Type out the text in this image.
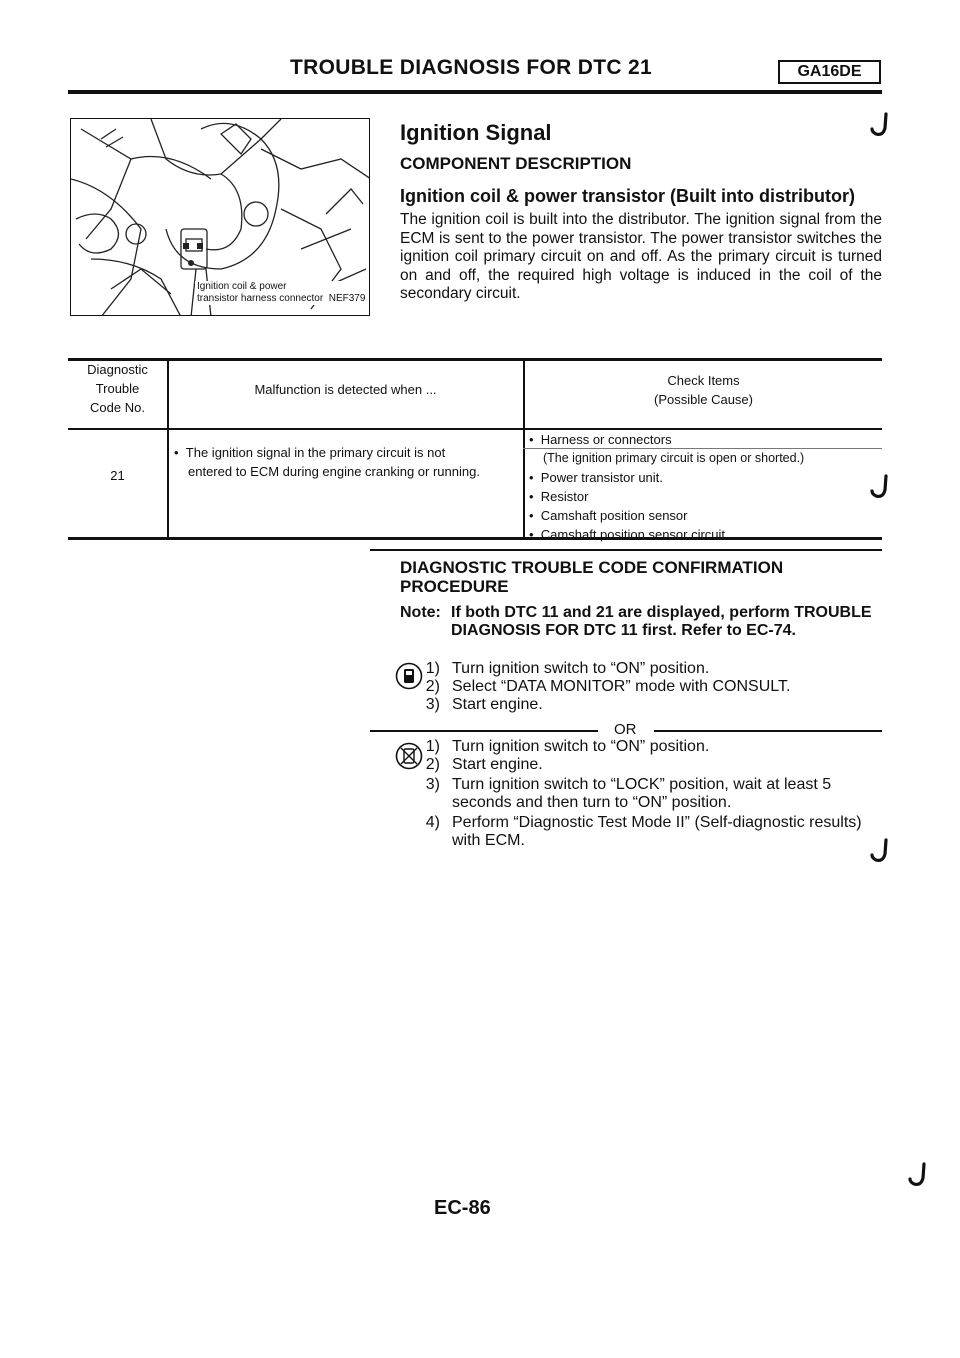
TROUBLE DIAGNOSIS FOR DTC 21	GA16DE
Ignition coil & power
transistor harness connector NEF379
Ignition Signal
COMPONENT DESCRIPTION
Ignition coil & power transistor (Built into distributor)
The ignition coil is built into the distributor. The ignition signal from the ECM is sent to the power transistor. The power transistor switches the ignition coil primary circuit on and off. As the primary circuit is turned on and off, the required high voltage is induced in the coil of the secondary circuit.
Diagnostic
Trouble
Code No.
Malfunction is detected when ...
Check Items
(Possible Cause)
21
• The ignition signal in the primary circuit is not
entered to ECM during engine cranking or running.
• Harness or connectors
(The ignition primary circuit is open or shorted.)
• Power transistor unit.
• Resistor
• Camshaft position sensor
• Camshaft position sensor circuit
DIAGNOSTIC TROUBLE CODE CONFIRMATION
PROCEDURE
Note: If both DTC 11 and 21 are displayed, perform TROUBLE DIAGNOSIS FOR DTC 11 first. Refer to EC-74.
1) Turn ignition switch to “ON” position.
2) Select “DATA MONITOR” mode with CONSULT.
3) Start engine.
OR
1) Turn ignition switch to “ON” position.
2) Start engine.
3) Turn ignition switch to “LOCK” position, wait at least 5 seconds and then turn to “ON” position.
4) Perform “Diagnostic Test Mode II” (Self-diagnostic results) with ECM.
EC-86
